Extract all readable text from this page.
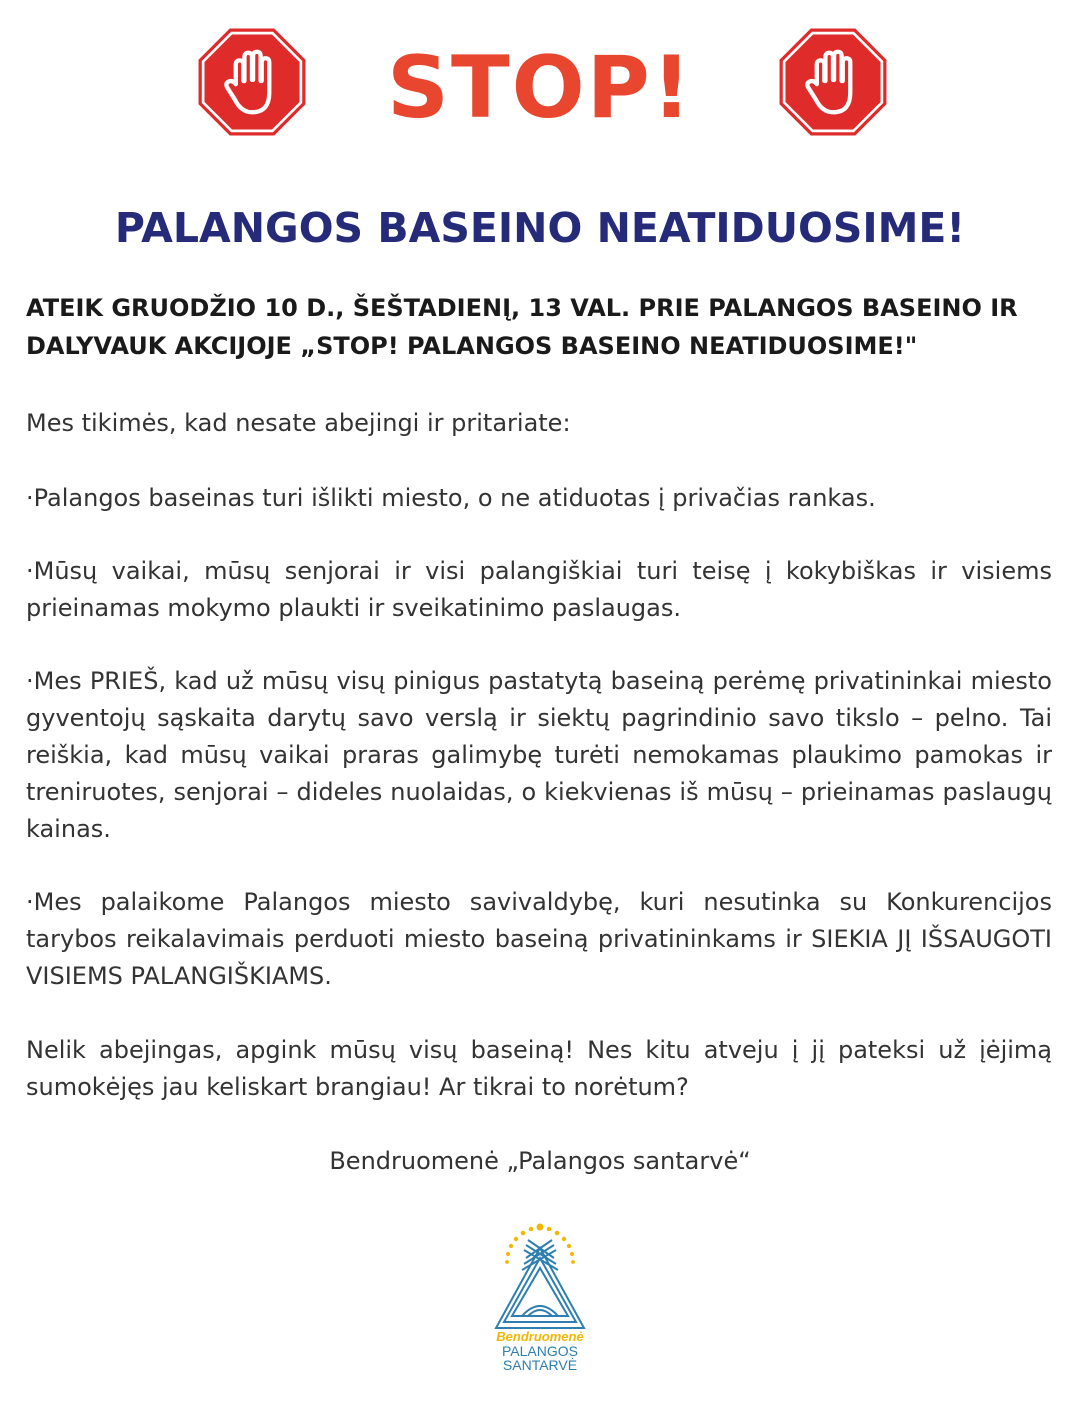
STOP!
PALANGOS BASEINO NEATIDUOSIME!
ATEIK GRUODŽIO 10 D., ŠEŠTADIENĮ, 13 VAL. PRIE PALANGOS BASEINO IR DALYVAUK AKCIJOJE „STOP! PALANGOS BASEINO NEATIDUOSIME!"
Mes tikimės, kad nesate abejingi ir pritariate:
·Palangos baseinas turi išlikti miesto, o ne atiduotas į privačias rankas.
·Mūsų vaikai, mūsų senjorai ir visi palangiškiai turi teisę į kokybiškas ir visiems prieinamas mokymo plaukti ir sveikatinimo paslaugas.
·Mes PRIEŠ, kad už mūsų visų pinigus pastatytą baseiną perėmę privatininkai miesto gyventojų sąskaita darytų savo verslą ir siektų pagrindinio savo tikslo – pelno. Tai reiškia, kad mūsų vaikai praras galimybę turėti nemokamas plaukimo pamokas ir treniruotes, senjorai – dideles nuolaidas, o kiekvienas iš mūsų – prieinamas paslaugų kainas.
·Mes palaikome Palangos miesto savivaldybę, kuri nesutinka su Konkurencijos tarybos reikalavimais perduoti miesto baseiną privatininkams ir SIEKIA JĮ IŠSAUGOTI VISIEMS PALANGIŠKIAMS.
Nelik abejingas, apgink mūsų visų baseiną! Nes kitu atveju į jį pateksi už įėjimą sumokėjęs jau keliskart brangiau! Ar tikrai to norėtum?
Bendruomenė „Palangos santarvė“
Bendruomenė
PALANGOS
SANTARVĖ
